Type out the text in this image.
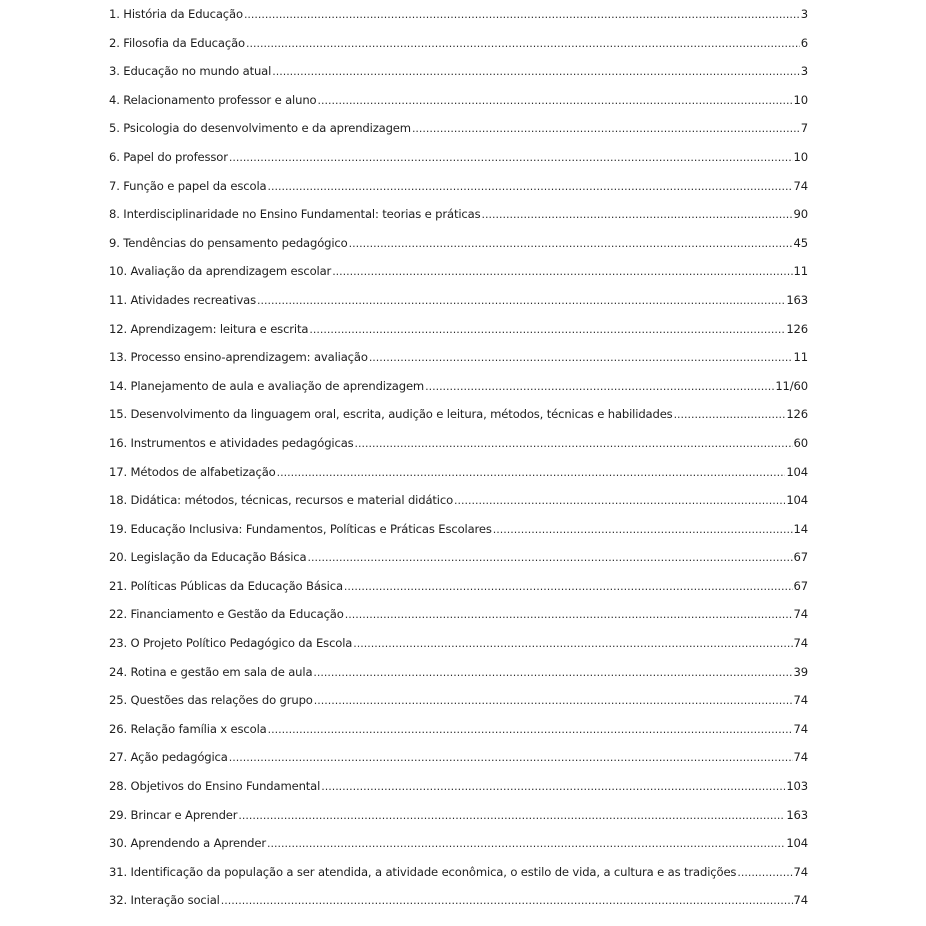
1. História da Educação .....	3
2. Filosofia da Educação .....	6
3. Educação no mundo atual .....	3
4. Relacionamento professor e aluno .....	10
5. Psicologia do desenvolvimento e da aprendizagem .....	7
6. Papel do professor .....	10
7. Função e papel da escola .....	74
8. Interdisciplinaridade no Ensino Fundamental: teorias e práticas .....	90
9. Tendências do pensamento pedagógico .....	45
10. Avaliação da aprendizagem escolar .....	11
11. Atividades recreativas .....	163
12. Aprendizagem: leitura e escrita .....	126
13. Processo ensino-aprendizagem: avaliação .....	11
14. Planejamento de aula e avaliação de aprendizagem .....	11/60
15. Desenvolvimento da linguagem oral, escrita, audição e leitura, métodos, técnicas e habilidades .....	126
16. Instrumentos e atividades pedagógicas .....	60
17. Métodos de alfabetização .....	104
18. Didática: métodos, técnicas, recursos e material didático .....	104
19. Educação Inclusiva: Fundamentos, Políticas e Práticas Escolares .....	14
20. Legislação da Educação Básica .....	67
21. Políticas Públicas da Educação Básica .....	67
22. Financiamento e Gestão da Educação .....	74
23. O Projeto Político Pedagógico da Escola .....	74
24. Rotina e gestão em sala de aula .....	39
25. Questões das relações do grupo .....	74
26. Relação família x escola .....	74
27. Ação pedagógica .....	74
28. Objetivos do Ensino Fundamental .....	103
29. Brincar e Aprender .....	163
30. Aprendendo a Aprender .....	104
31. Identificação da população a ser atendida, a atividade econômica, o estilo de vida, a cultura e as tradições .....	74
32. Interação social .....	74
